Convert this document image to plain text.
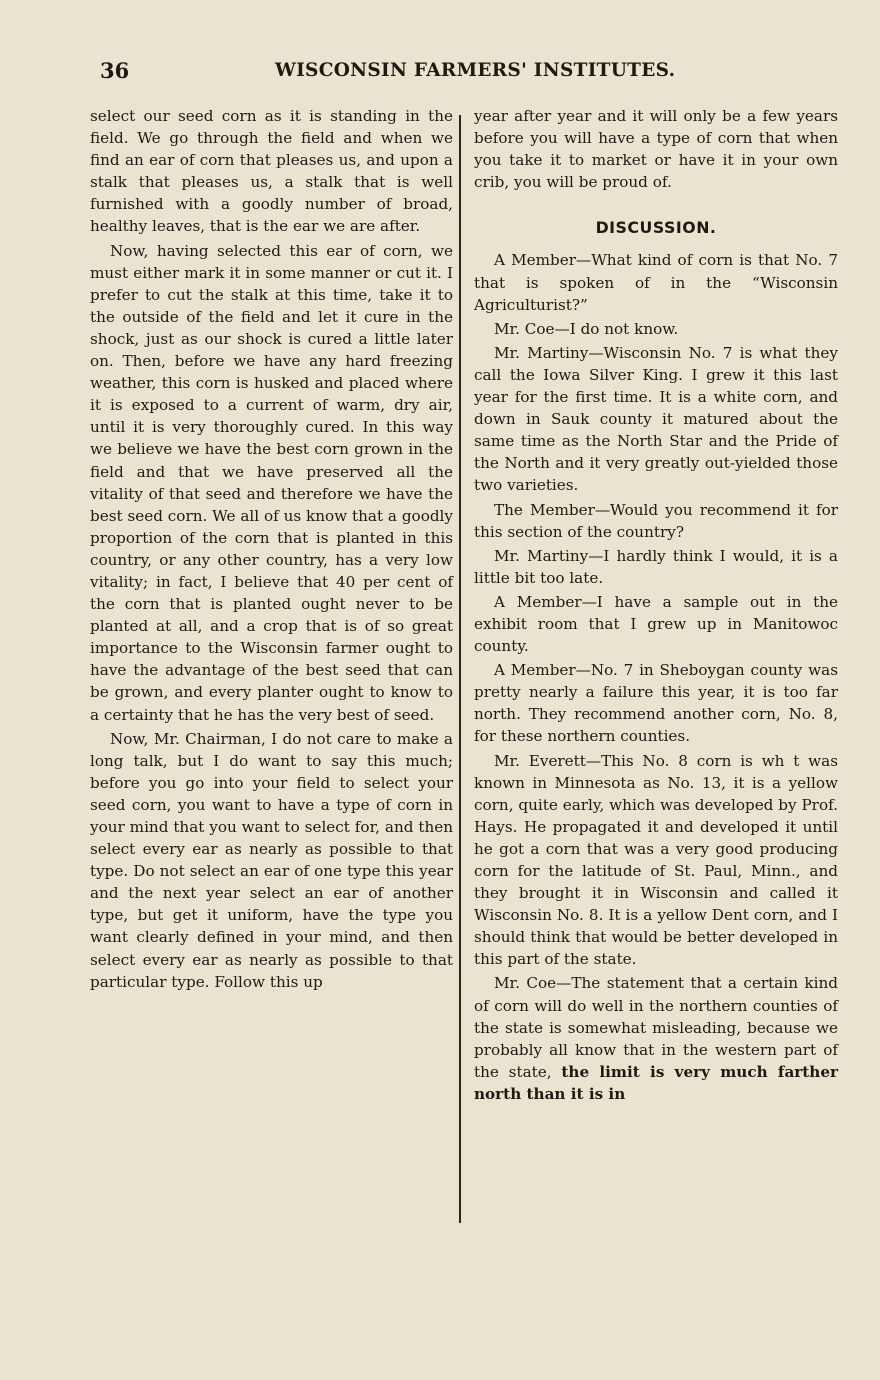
36	WISCONSIN FARMERS' INSTITUTES.

select our seed corn as it is standing in the field. We go through the field and when we find an ear of corn that pleases us, and upon a stalk that pleases us, a stalk that is well furnished with a goodly number of broad, healthy leaves, that is the ear we are after.

Now, having selected this ear of corn, we must either mark it in some manner or cut it. I prefer to cut the stalk at this time, take it to the outside of the field and let it cure in the shock, just as our shock is cured a little later on. Then, before we have any hard freezing weather, this corn is husked and placed where it is exposed to a current of warm, dry air, until it is very thoroughly cured. In this way we believe we have the best corn grown in the field and that we have preserved all the vitality of that seed and therefore we have the best seed corn. We all of us know that a goodly proportion of the corn that is planted in this country, or any other country, has a very low vitality; in fact, I believe that 40 per cent of the corn that is planted ought never to be planted at all, and a crop that is of so great importance to the Wisconsin farmer ought to have the advantage of the best seed that can be grown, and every planter ought to know to a certainty that he has the very best of seed.

Now, Mr. Chairman, I do not care to make a long talk, but I do want to say this much; before you go into your field to select your seed corn, you want to have a type of corn in your mind that you want to select for, and then select every ear as nearly as possible to that type. Do not select an ear of one type this year and the next year select an ear of another type, but get it uniform, have the type you want clearly defined in your mind, and then select every ear as nearly as possible to that particular type. Follow this up

year after year and it will only be a few years before you will have a type of corn that when you take it to market or have it in your own crib, you will be proud of.

DISCUSSION.

A Member—What kind of corn is that No. 7 that is spoken of in the “Wisconsin Agriculturist?”

Mr. Coe—I do not know.

Mr. Martiny—Wisconsin No. 7 is what they call the Iowa Silver King. I grew it this last year for the first time. It is a white corn, and down in Sauk county it matured about the same time as the North Star and the Pride of the North and it very greatly out-yielded those two varieties.

The Member—Would you recommend it for this section of the country?

Mr. Martiny—I hardly think I would, it is a little bit too late.

A Member—I have a sample out in the exhibit room that I grew up in Manitowoc county.

A Member—No. 7 in Sheboygan county was pretty nearly a failure this year, it is too far north. They recommend another corn, No. 8, for these northern counties.

Mr. Everett—This No. 8 corn is wh t was known in Minnesota as No. 13, it is a yellow corn, quite early, which was developed by Prof. Hays. He propagated it and developed it until he got a corn that was a very good producing corn for the latitude of St. Paul, Minn., and they brought it in Wisconsin and called it Wisconsin No. 8. It is a yellow Dent corn, and I should think that would be better developed in this part of the state.

Mr. Coe—The statement that a certain kind of corn will do well in the northern counties of the state is somewhat misleading, because we probably all know that in the western part of the state, the limit is very much farther north than it is in
